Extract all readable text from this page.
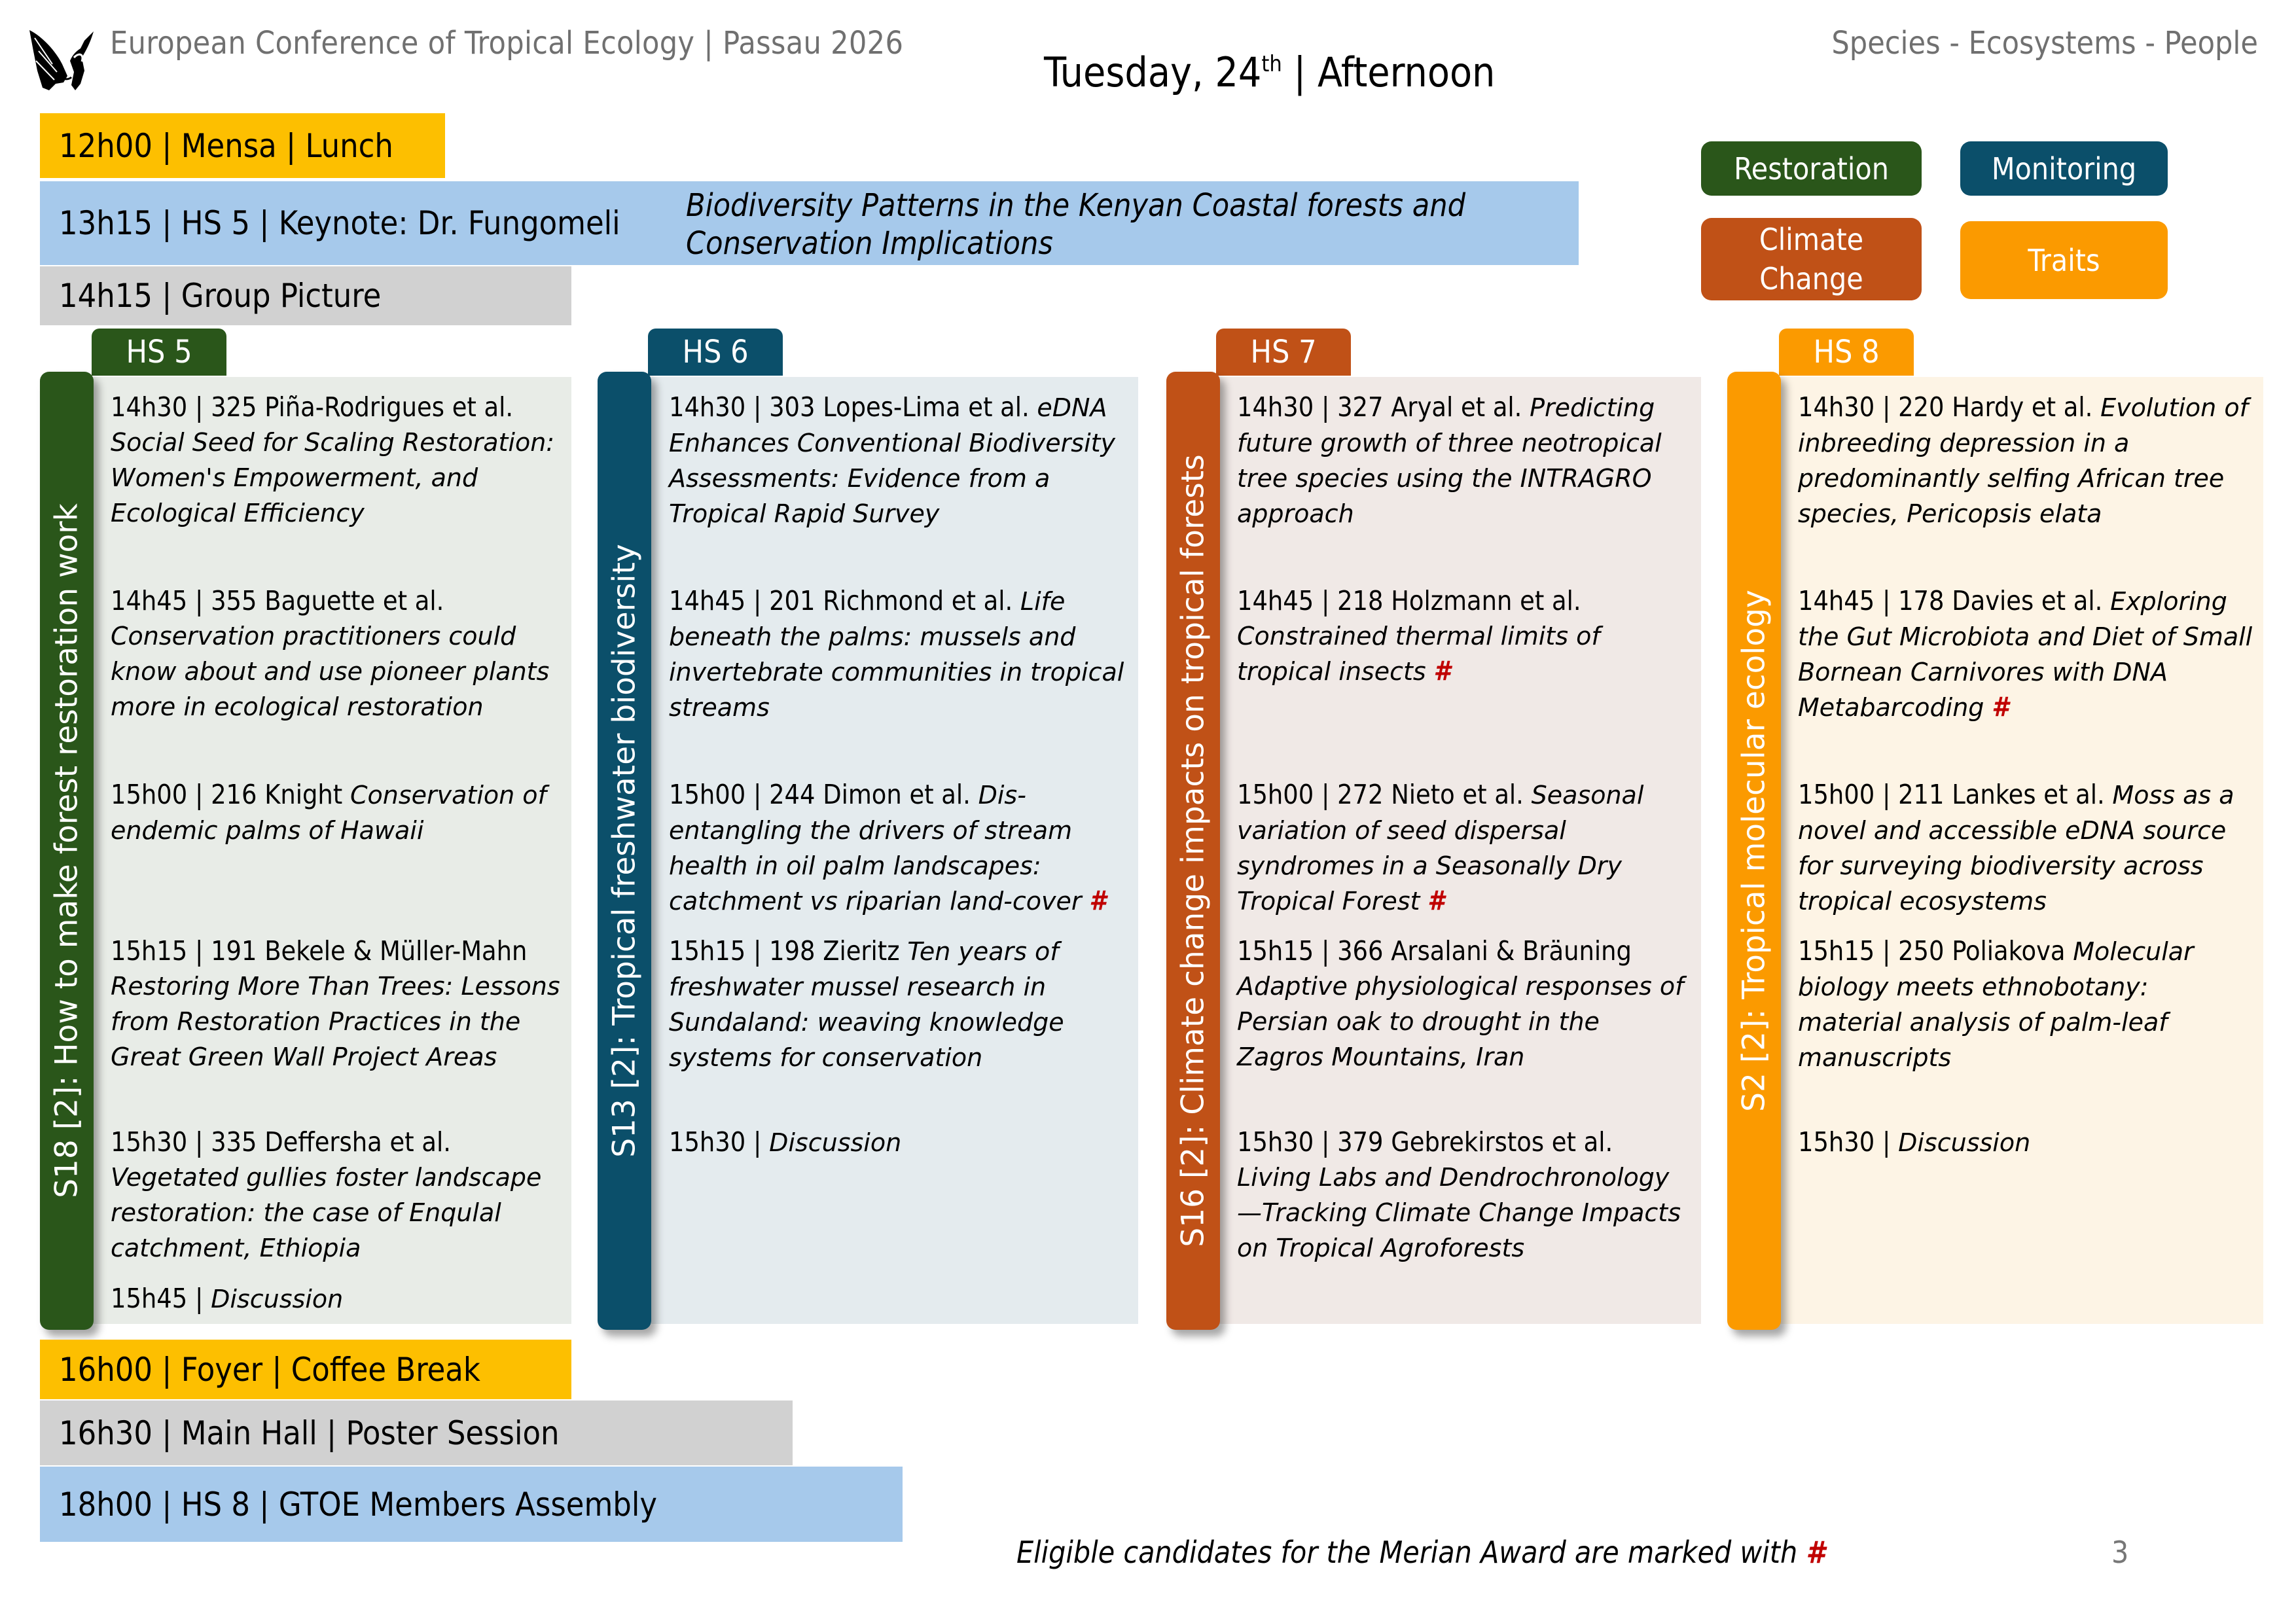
European Conference of Tropical Ecology | Passau 2026	Species - Ecosystems - People
Tuesday, 24th | Afternoon
12h00 | Mensa | Lunch
13h15 | HS 5 | Keynote: Dr. Fungomeli Biodiversity Patterns in the Kenyan Coastal forests and Conservation Implications
14h15 | Group Picture
Restoration	Monitoring
Climate Change
Traits
HS 5
S18 [2]: How to make forest restoration work
14h30 | 325 Piña-Rodrigues et al. Social Seed for Scaling Restoration: Women's Empowerment, and Ecological Efficiency
14h45 | 355 Baguette et al. Conservation practitioners could know about and use pioneer plants more in ecological restoration
15h00 | 216 Knight Conservation of endemic palms of Hawaii
15h15 | 191 Bekele & Müller-Mahn Restoring More Than Trees: Lessons from Restoration Practices in the Great Green Wall Project Areas
15h30 | 335 Deffersha et al. Vegetated gullies foster landscape restoration: the case of Enqulal catchment, Ethiopia
15h45 | Discussion
HS 6
S13 [2]: Tropical freshwater biodiversity
14h30 | 303 Lopes-Lima et al. eDNA Enhances Conventional Biodiversity Assessments: Evidence from a Tropical Rapid Survey
14h45 | 201 Richmond et al. Life beneath the palms: mussels and invertebrate communities in tropical streams
15h00 | 244 Dimon et al. Dis-entangling the drivers of stream health in oil palm landscapes: catchment vs riparian land-cover #
15h15 | 198 Zieritz Ten years of freshwater mussel research in Sundaland: weaving knowledge systems for conservation
15h30 | Discussion
HS 7
S16 [2]: Climate change impacts on tropical forests
14h30 | 327 Aryal et al. Predicting future growth of three neotropical tree species using the INTRAGRO approach
14h45 | 218 Holzmann et al. Constrained thermal limits of tropical insects #
15h00 | 272 Nieto et al. Seasonal variation of seed dispersal syndromes in a Seasonally Dry Tropical Forest #
15h15 | 366 Arsalani & Bräuning Adaptive physiological responses of Persian oak to drought in the Zagros Mountains, Iran
15h30 | 379 Gebrekirstos et al. Living Labs and Dendrochronology—Tracking Climate Change Impacts on Tropical Agroforests
HS 8
S2 [2]: Tropical molecular ecology
14h30 | 220 Hardy et al. Evolution of inbreeding depression in a predominantly selfing African tree species, Pericopsis elata
14h45 | 178 Davies et al. Exploring the Gut Microbiota and Diet of Small Bornean Carnivores with DNA Metabarcoding #
15h00 | 211 Lankes et al. Moss as a novel and accessible eDNA source for surveying biodiversity across tropical ecosystems
15h15 | 250 Poliakova Molecular biology meets ethnobotany: material analysis of palm-leaf manuscripts
15h30 | Discussion
16h00 | Foyer | Coffee Break
16h30 | Main Hall | Poster Session
18h00 | HS 8 | GTOE Members Assembly
Eligible candidates for the Merian Award are marked with #	3
